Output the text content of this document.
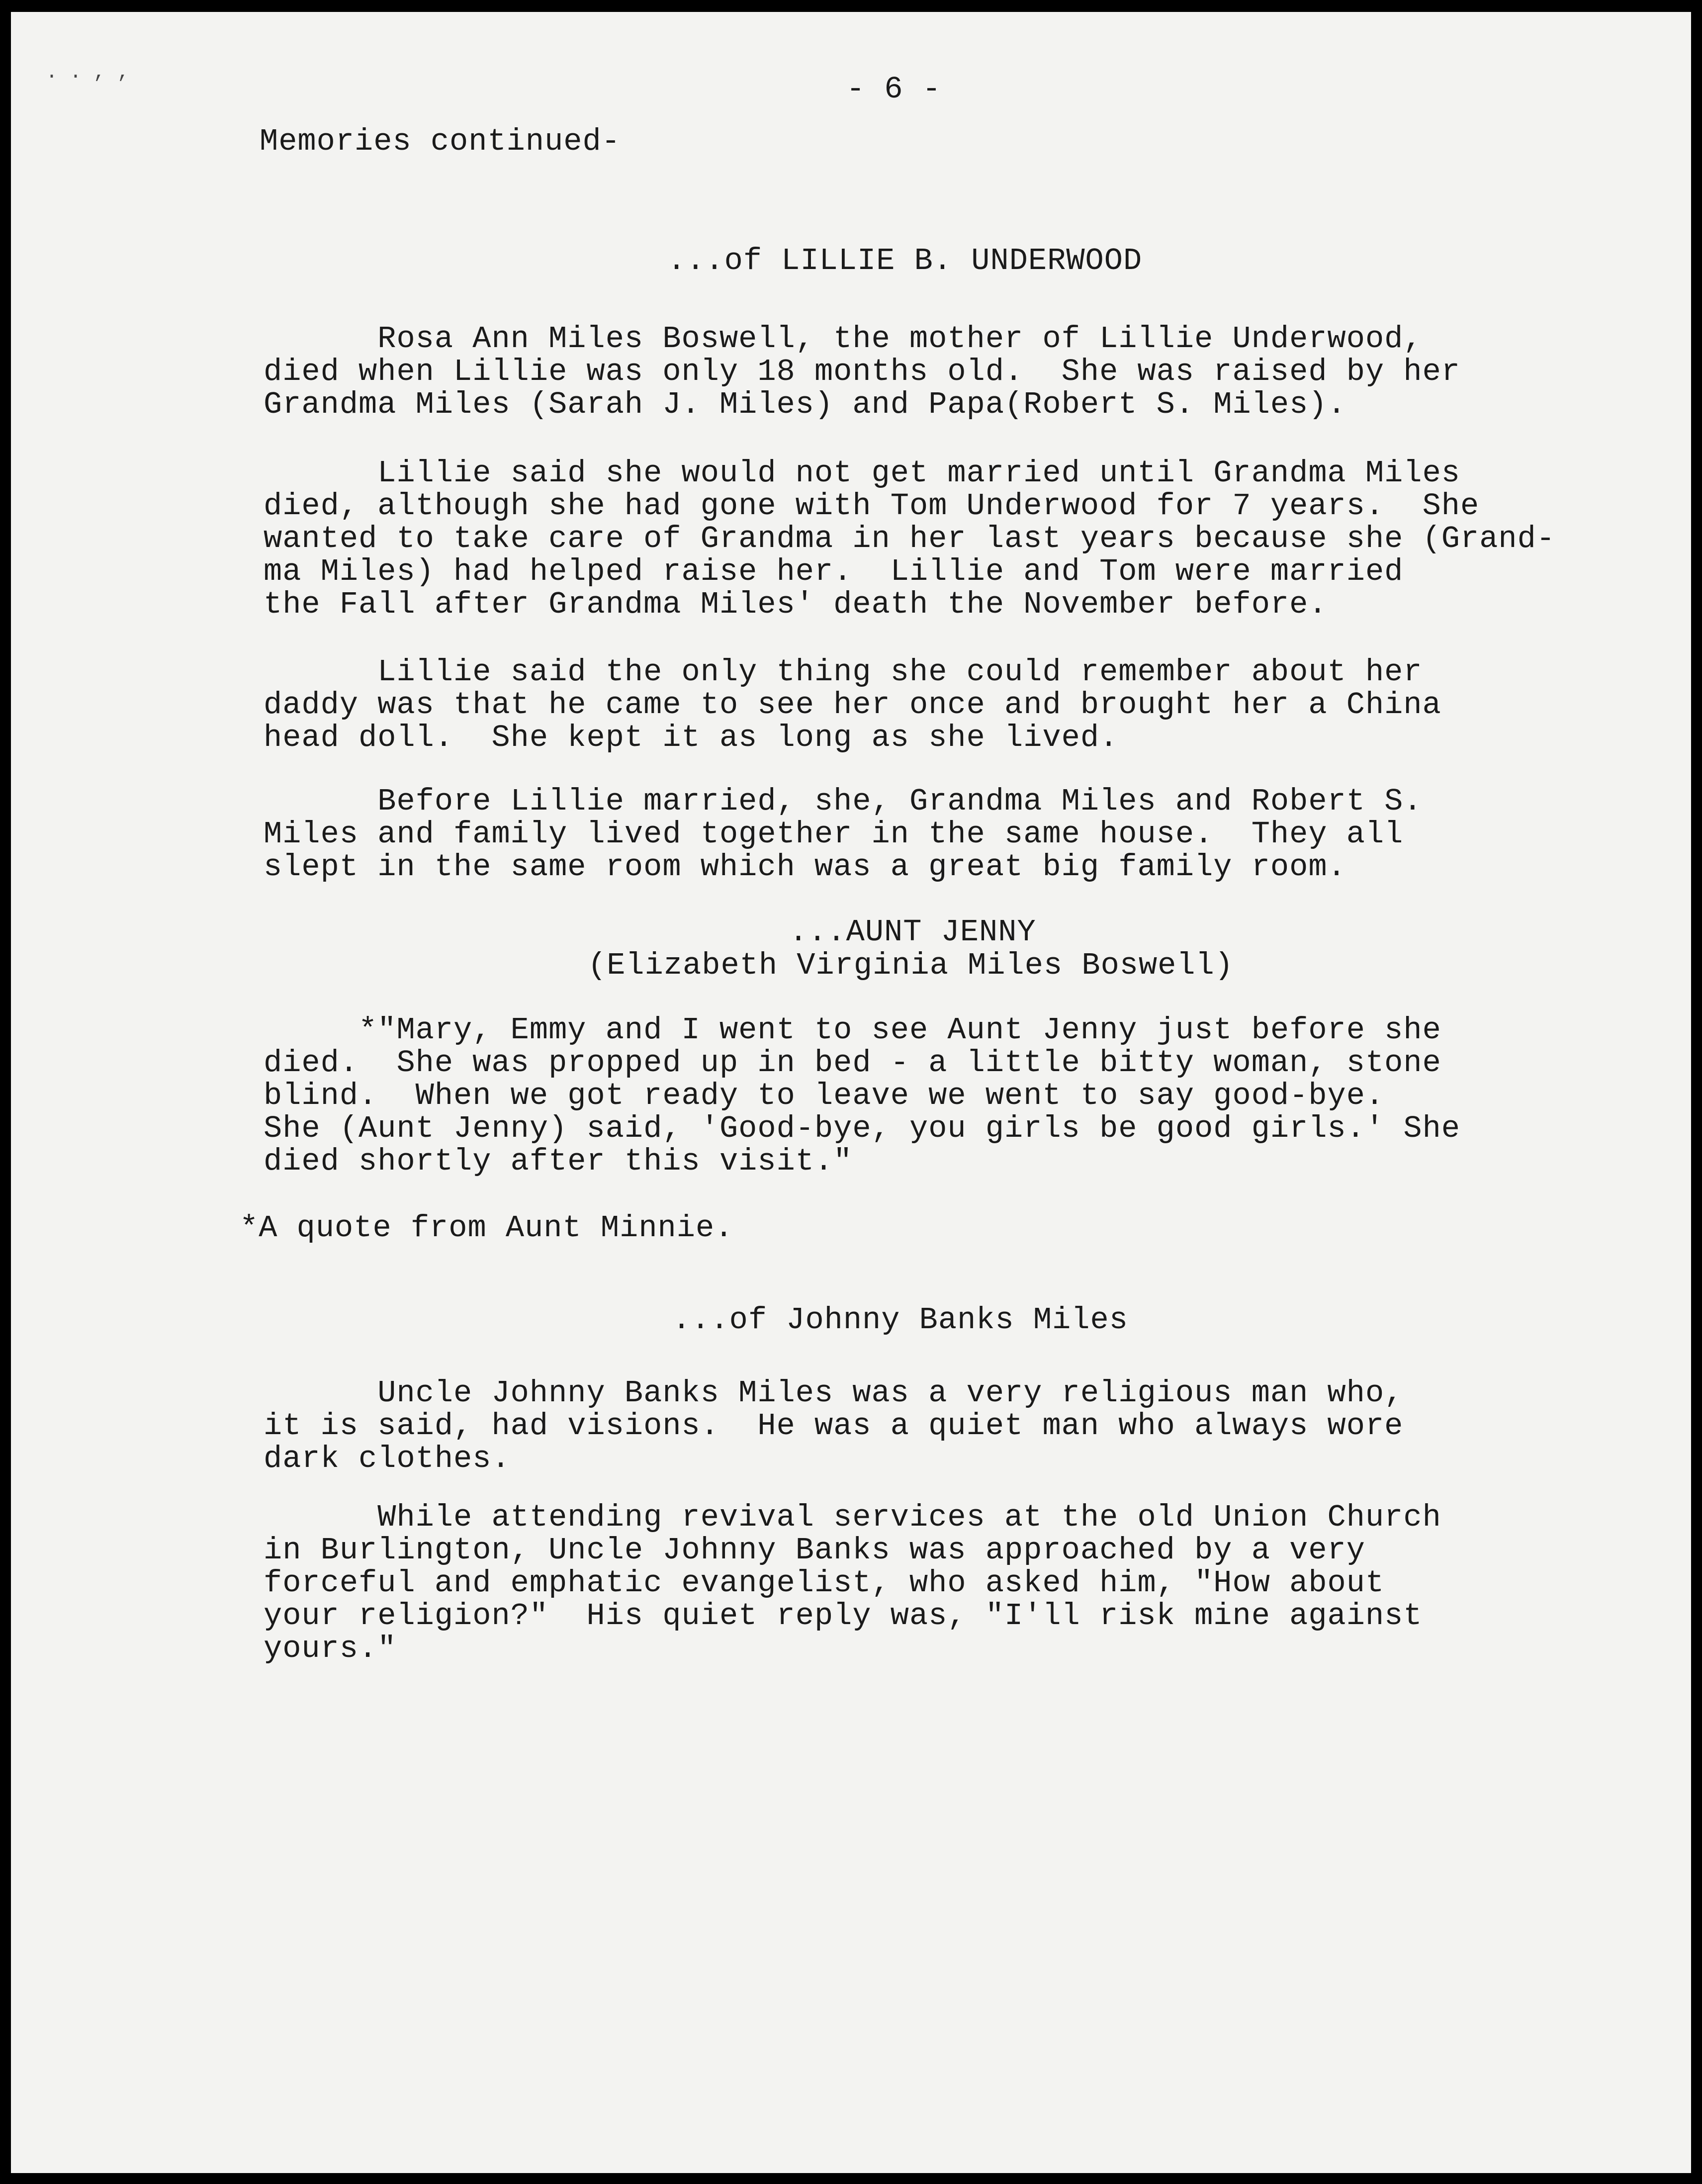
. . , ,	- 6 -
Memories continued-
...of LILLIE B. UNDERWOOD
Rosa Ann Miles Boswell, the mother of Lillie Underwood,
died when Lillie was only 18 months old.  She was raised by her
Grandma Miles (Sarah J. Miles) and Papa(Robert S. Miles).
Lillie said she would not get married until Grandma Miles
died, although she had gone with Tom Underwood for 7 years.  She
wanted to take care of Grandma in her last years because she (Grand-
ma Miles) had helped raise her.  Lillie and Tom were married
the Fall after Grandma Miles' death the November before.
Lillie said the only thing she could remember about her
daddy was that he came to see her once and brought her a China
head doll.  She kept it as long as she lived.
Before Lillie married, she, Grandma Miles and Robert S.
Miles and family lived together in the same house.  They all
slept in the same room which was a great big family room.
...AUNT JENNY
(Elizabeth Virginia Miles Boswell)
*"Mary, Emmy and I went to see Aunt Jenny just before she
died.  She was propped up in bed - a little bitty woman, stone
blind.  When we got ready to leave we went to say good-bye.
She (Aunt Jenny) said, 'Good-bye, you girls be good girls.' She
died shortly after this visit."
*A quote from Aunt Minnie.
...of Johnny Banks Miles
Uncle Johnny Banks Miles was a very religious man who,
it is said, had visions.  He was a quiet man who always wore
dark clothes.
While attending revival services at the old Union Church
in Burlington, Uncle Johnny Banks was approached by a very
forceful and emphatic evangelist, who asked him, "How about
your religion?"  His quiet reply was, "I'll risk mine against
yours."
